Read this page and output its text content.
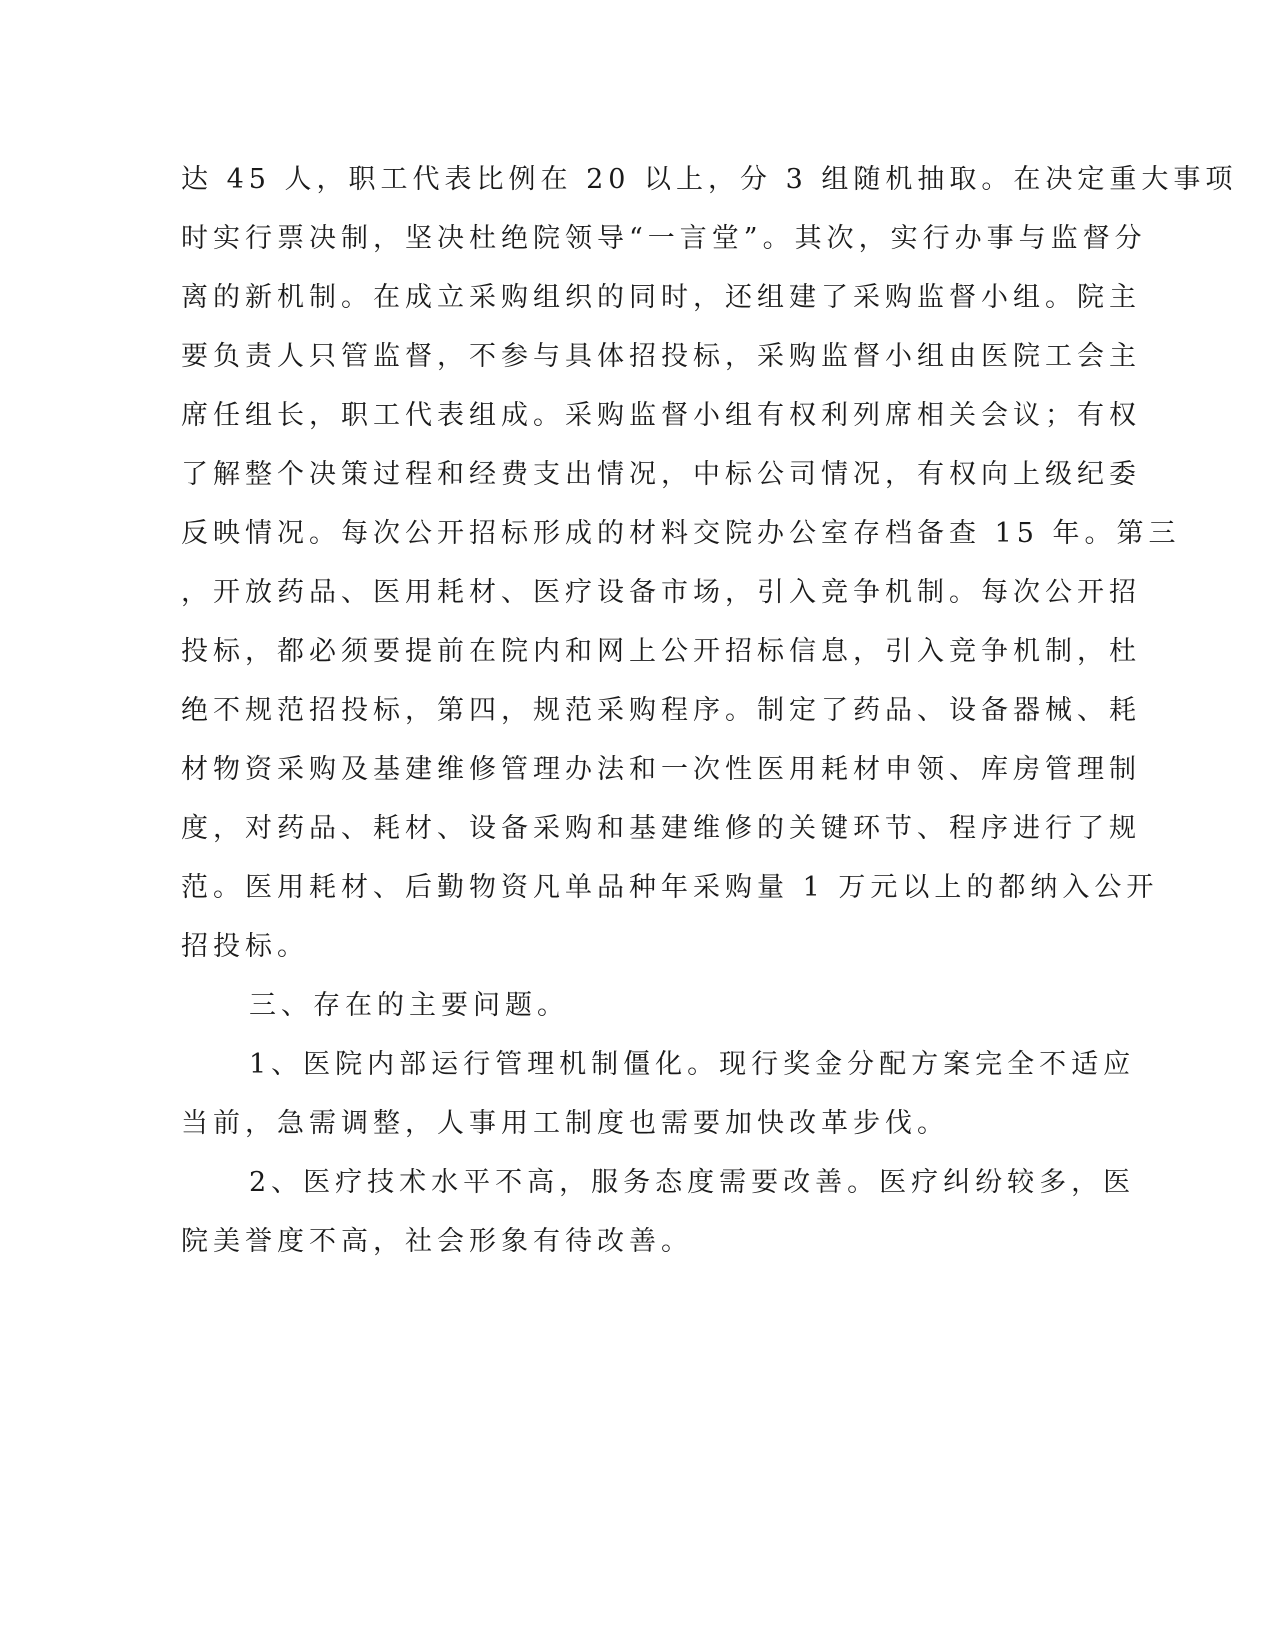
达 45 人，职工代表比例在 20 以上，分 3 组随机抽取。在决定重大事项
时实行票决制，坚决杜绝院领导“一言堂”。其次，实行办事与监督分
离的新机制。在成立采购组织的同时，还组建了采购监督小组。院主
要负责人只管监督，不参与具体招投标，采购监督小组由医院工会主
席任组长，职工代表组成。采购监督小组有权利列席相关会议；有权
了解整个决策过程和经费支出情况，中标公司情况，有权向上级纪委
反映情况。每次公开招标形成的材料交院办公室存档备查 15 年。第三
，开放药品、医用耗材、医疗设备市场，引入竞争机制。每次公开招
投标，都必须要提前在院内和网上公开招标信息，引入竞争机制，杜
绝不规范招投标，第四，规范采购程序。制定了药品、设备器械、耗
材物资采购及基建维修管理办法和一次性医用耗材申领、库房管理制
度，对药品、耗材、设备采购和基建维修的关键环节、程序进行了规
范。医用耗材、后勤物资凡单品种年采购量 1 万元以上的都纳入公开
招投标。
三、存在的主要问题。
1、医院内部运行管理机制僵化。现行奖金分配方案完全不适应
当前，急需调整，人事用工制度也需要加快改革步伐。
2、医疗技术水平不高，服务态度需要改善。医疗纠纷较多，医
院美誉度不高，社会形象有待改善。
